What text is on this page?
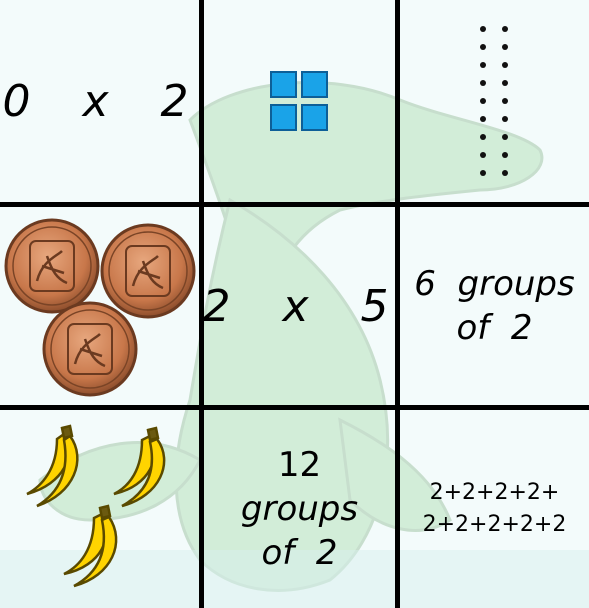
0  x  2
2  x  5 6  groups
of  2
12
groups
of  2
2+2+2+2+
2+2+2+2+2
